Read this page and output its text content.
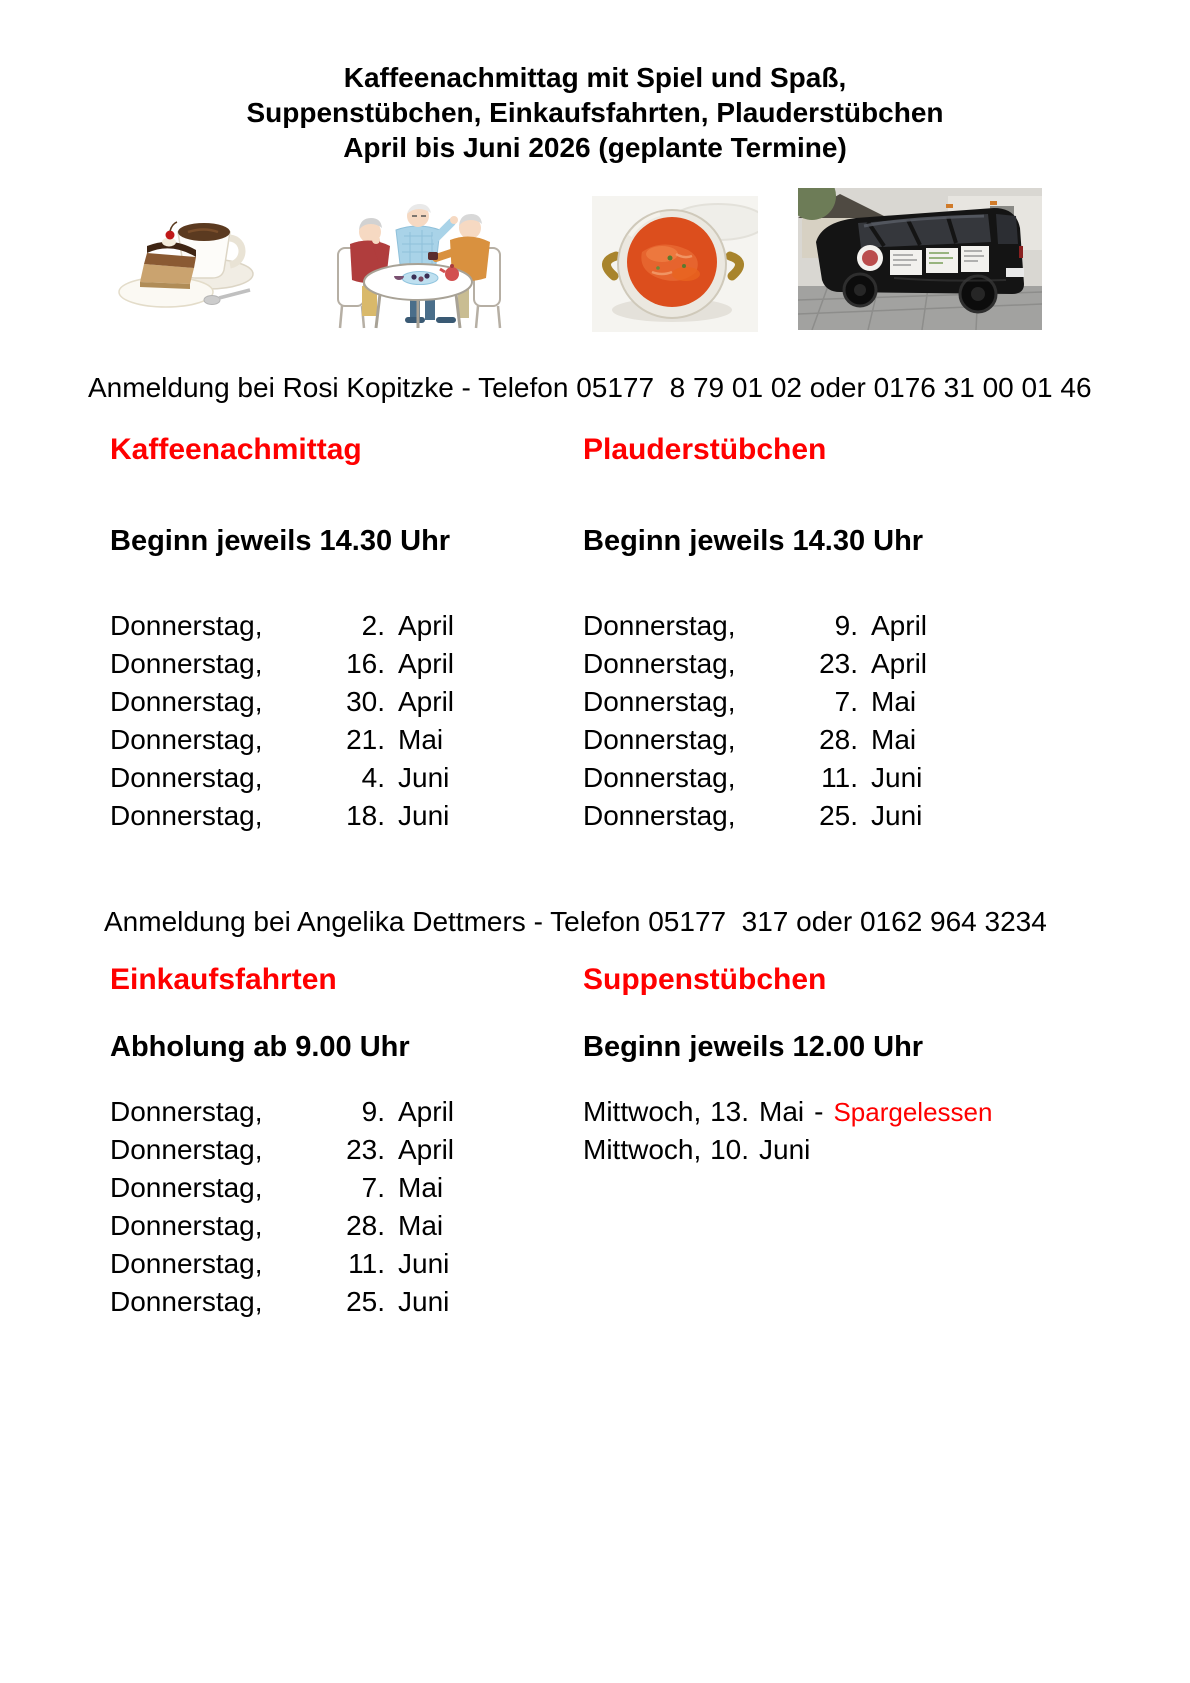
Kaffeenachmittag mit Spiel und Spaß,
Suppenstübchen, Einkaufsfahrten, Plauderstübchen
April bis Juni 2026 (geplante Termine)

Anmeldung bei Rosi Kopitzke - Telefon 05177  8 79 01 02 oder 0176 31 00 01 46

Kaffeenachmittag
Beginn jeweils 14.30 Uhr
Donnerstag,	2. April
Donnerstag,	16. April
Donnerstag,	30. April
Donnerstag,	21. Mai
Donnerstag,	4. Juni
Donnerstag,	18. Juni
Plauderstübchen
Beginn jeweils 14.30 Uhr
Donnerstag,	9. April
Donnerstag,	23. April
Donnerstag,	7. Mai
Donnerstag,	28. Mai
Donnerstag,	11. Juni
Donnerstag,	25. Juni

Anmeldung bei Angelika Dettmers - Telefon 05177  317 oder 0162 964 3234

Einkaufsfahrten
Abholung ab 9.00 Uhr
Donnerstag,	9. April
Donnerstag,	23. April
Donnerstag,	7. Mai
Donnerstag,	28. Mai
Donnerstag,	11. Juni
Donnerstag,	25. Juni
Suppenstübchen
Beginn jeweils 12.00 Uhr
Mittwoch, 13. Mai - Spargelessen
Mittwoch, 10. Juni
